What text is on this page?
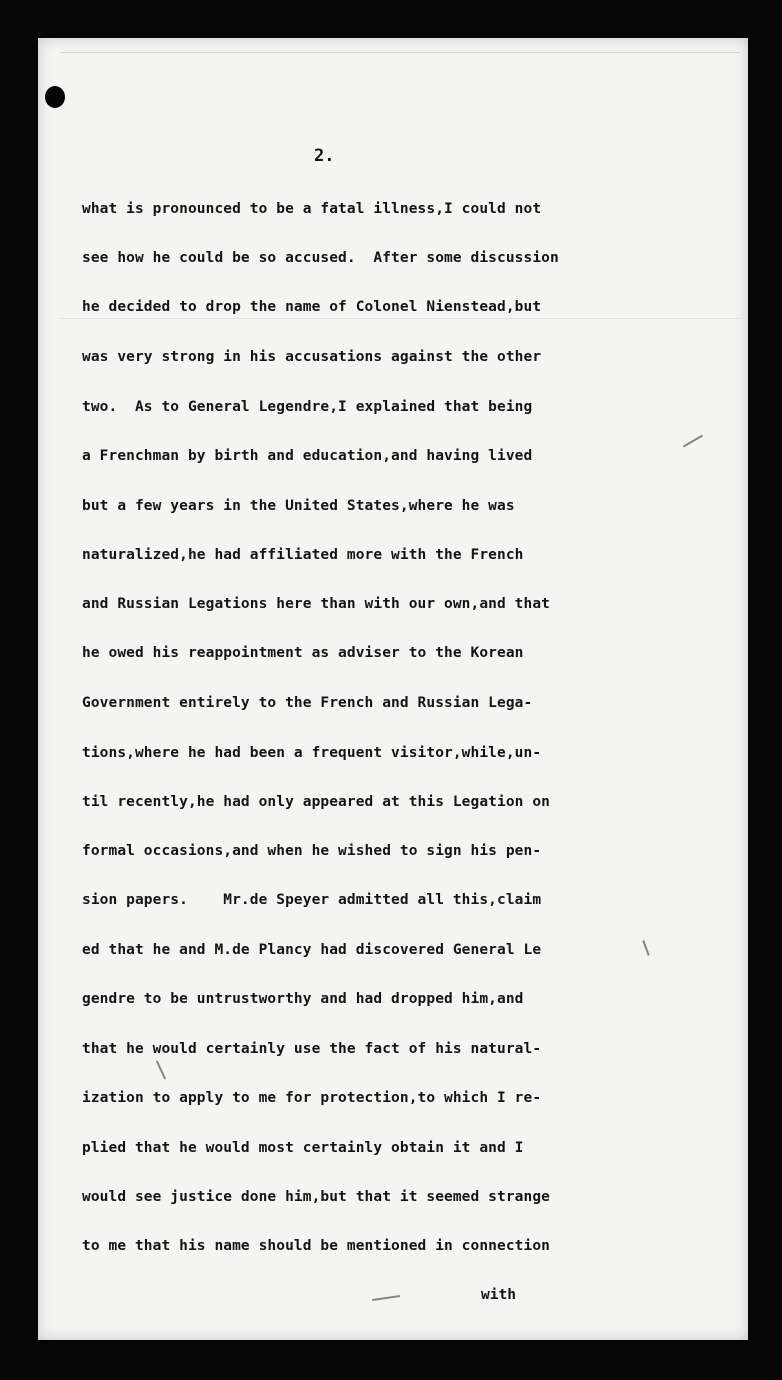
2.
what is pronounced to be a fatal illness,I could not
see how he could be so accused.  After some discussion
he decided to drop the name of Colonel Nienstead,but
was very strong in his accusations against the other
two.  As to General Legendre,I explained that being
a Frenchman by birth and education,and having lived
but a few years in the United States,where he was
naturalized,he had affiliated more with the French
and Russian Legations here than with our own,and that
he owed his reappointment as adviser to the Korean
Government entirely to the French and Russian Lega-
tions,where he had been a frequent visitor,while,un-
til recently,he had only appeared at this Legation on
formal occasions,and when he wished to sign his pen-
sion papers.    Mr.de Speyer admitted all this,claim
ed that he and M.de Plancy had discovered General Le
gendre to be untrustworthy and had dropped him,and
that he would certainly use the fact of his natural-
ization to apply to me for protection,to which I re-
plied that he would most certainly obtain it and I
would see justice done him,but that it seemed strange
to me that his name should be mentioned in connection
with
